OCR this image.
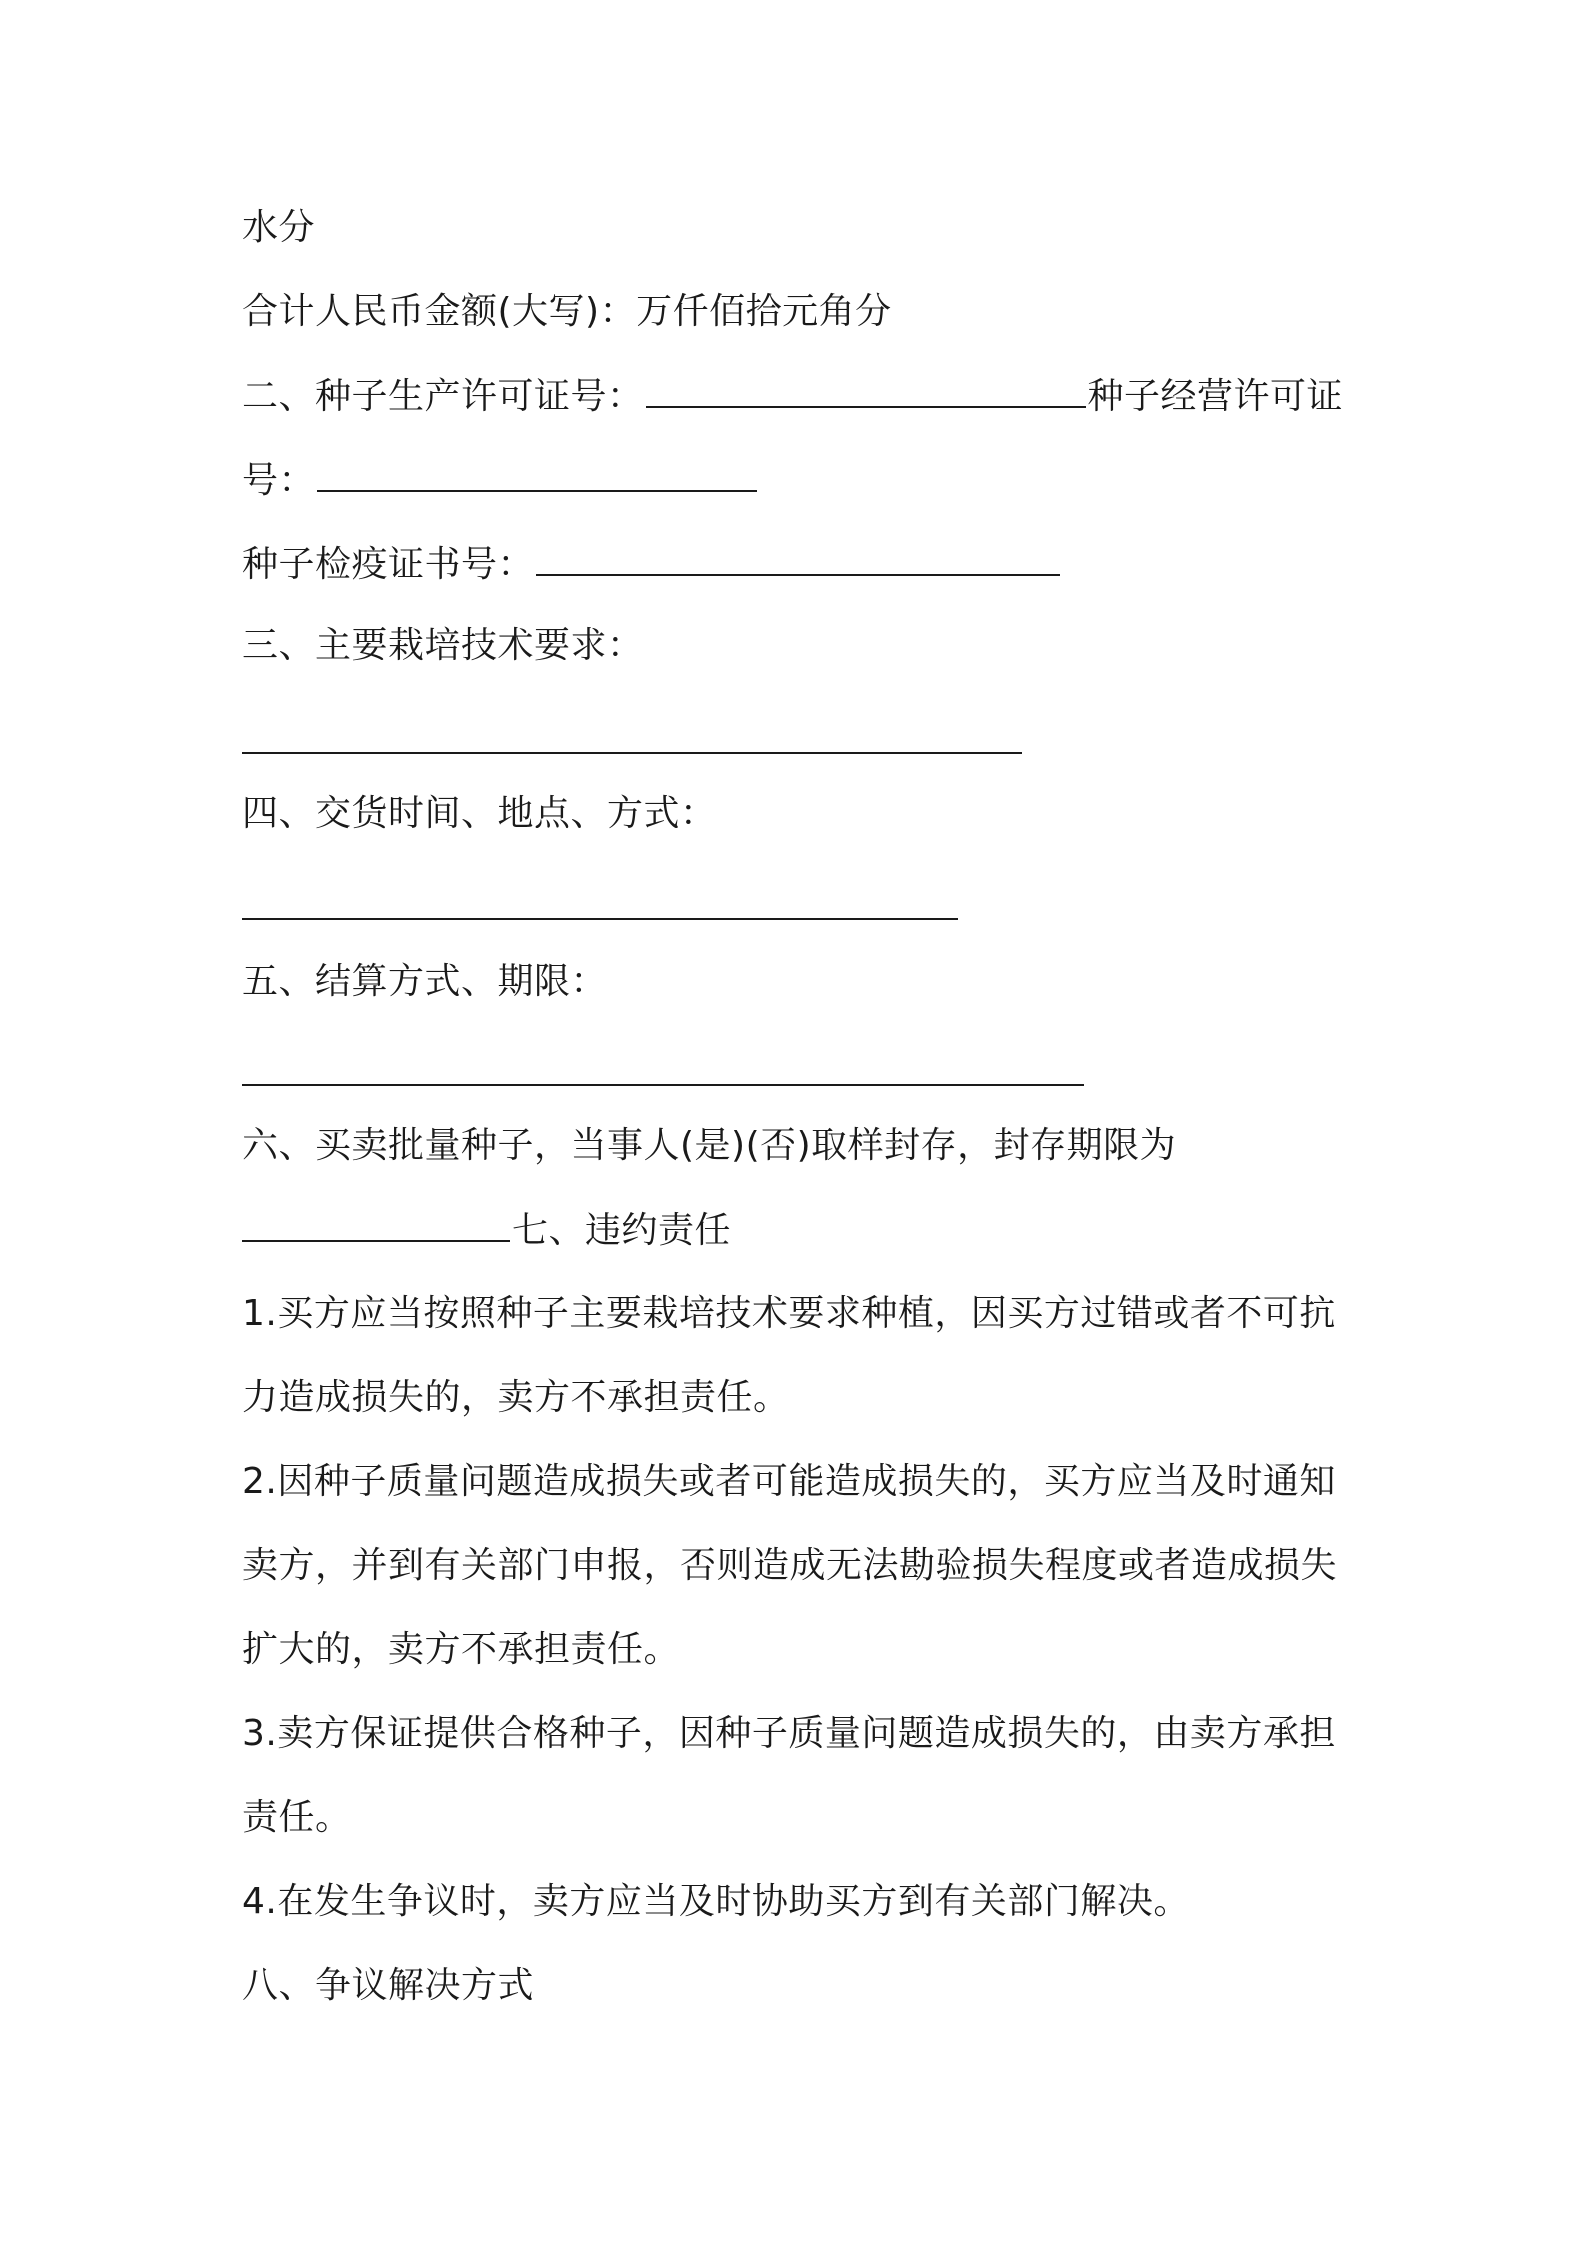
水分
合计人民币金额(大写)：万仟佰拾元角分
二、种子生产许可证号：	种子经营许可证
号：
种子检疫证书号：
三、主要栽培技术要求：
四、交货时间、地点、方式：
五、结算方式、期限：
六、买卖批量种子，当事人(是)(否)取样封存，封存期限为
七、违约责任
1.买方应当按照种子主要栽培技术要求种植，因买方过错或者不可抗
力造成损失的，卖方不承担责任。
2.因种子质量问题造成损失或者可能造成损失的，买方应当及时通知
卖方，并到有关部门申报，否则造成无法勘验损失程度或者造成损失
扩大的，卖方不承担责任。
3.卖方保证提供合格种子，因种子质量问题造成损失的，由卖方承担
责任。
4.在发生争议时，卖方应当及时协助买方到有关部门解决。
八、争议解决方式
